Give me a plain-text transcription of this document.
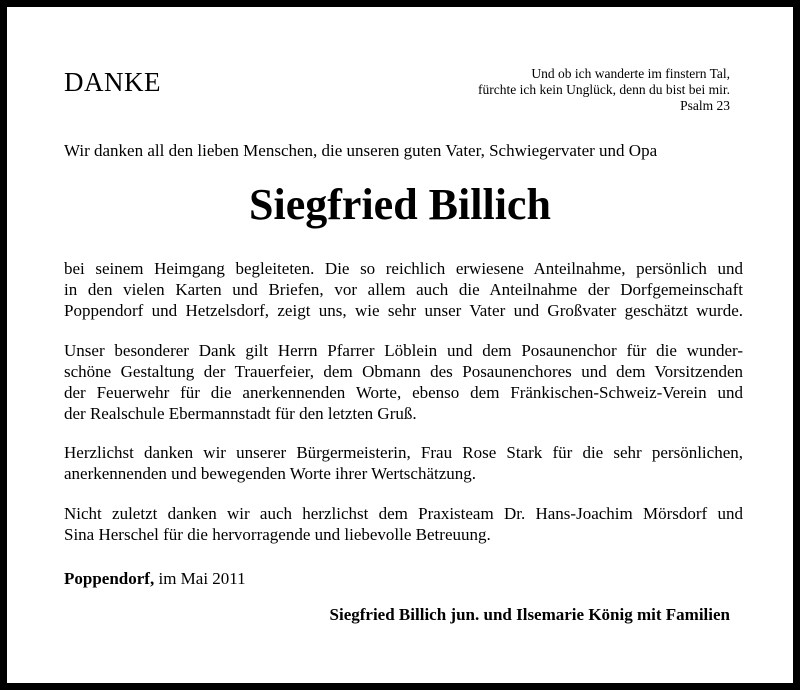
DANKE	Und ob ich wanderte im finstern Tal,
fürchte ich kein Unglück, denn du bist bei mir.
Psalm 23
Wir danken all den lieben Menschen, die unseren guten Vater, Schwiegervater und Opa
Siegfried Billich
bei seinem Heimgang begleiteten. Die so reichlich erwiesene Anteilnahme, persönlich und
in den vielen Karten und Briefen, vor allem auch die Anteilnahme der Dorfgemeinschaft
Poppendorf und Hetzelsdorf, zeigt uns, wie sehr unser Vater und Großvater geschätzt wurde.
Unser besonderer Dank gilt Herrn Pfarrer Löblein und dem Posaunenchor für die wunder-
schöne Gestaltung der Trauerfeier, dem Obmann des Posaunenchores und dem Vorsitzenden
der Feuerwehr für die anerkennenden Worte, ebenso dem Fränkischen-Schweiz-Verein und
der Realschule Ebermannstadt für den letzten Gruß.
Herzlichst danken wir unserer Bürgermeisterin, Frau Rose Stark für die sehr persönlichen,
anerkennenden und bewegenden Worte ihrer Wertschätzung.
Nicht zuletzt danken wir auch herzlichst dem Praxisteam Dr. Hans-Joachim Mörsdorf und
Sina Herschel für die hervorragende und liebevolle Betreuung.
Poppendorf, im Mai 2011
Siegfried Billich jun. und Ilsemarie König mit Familien
